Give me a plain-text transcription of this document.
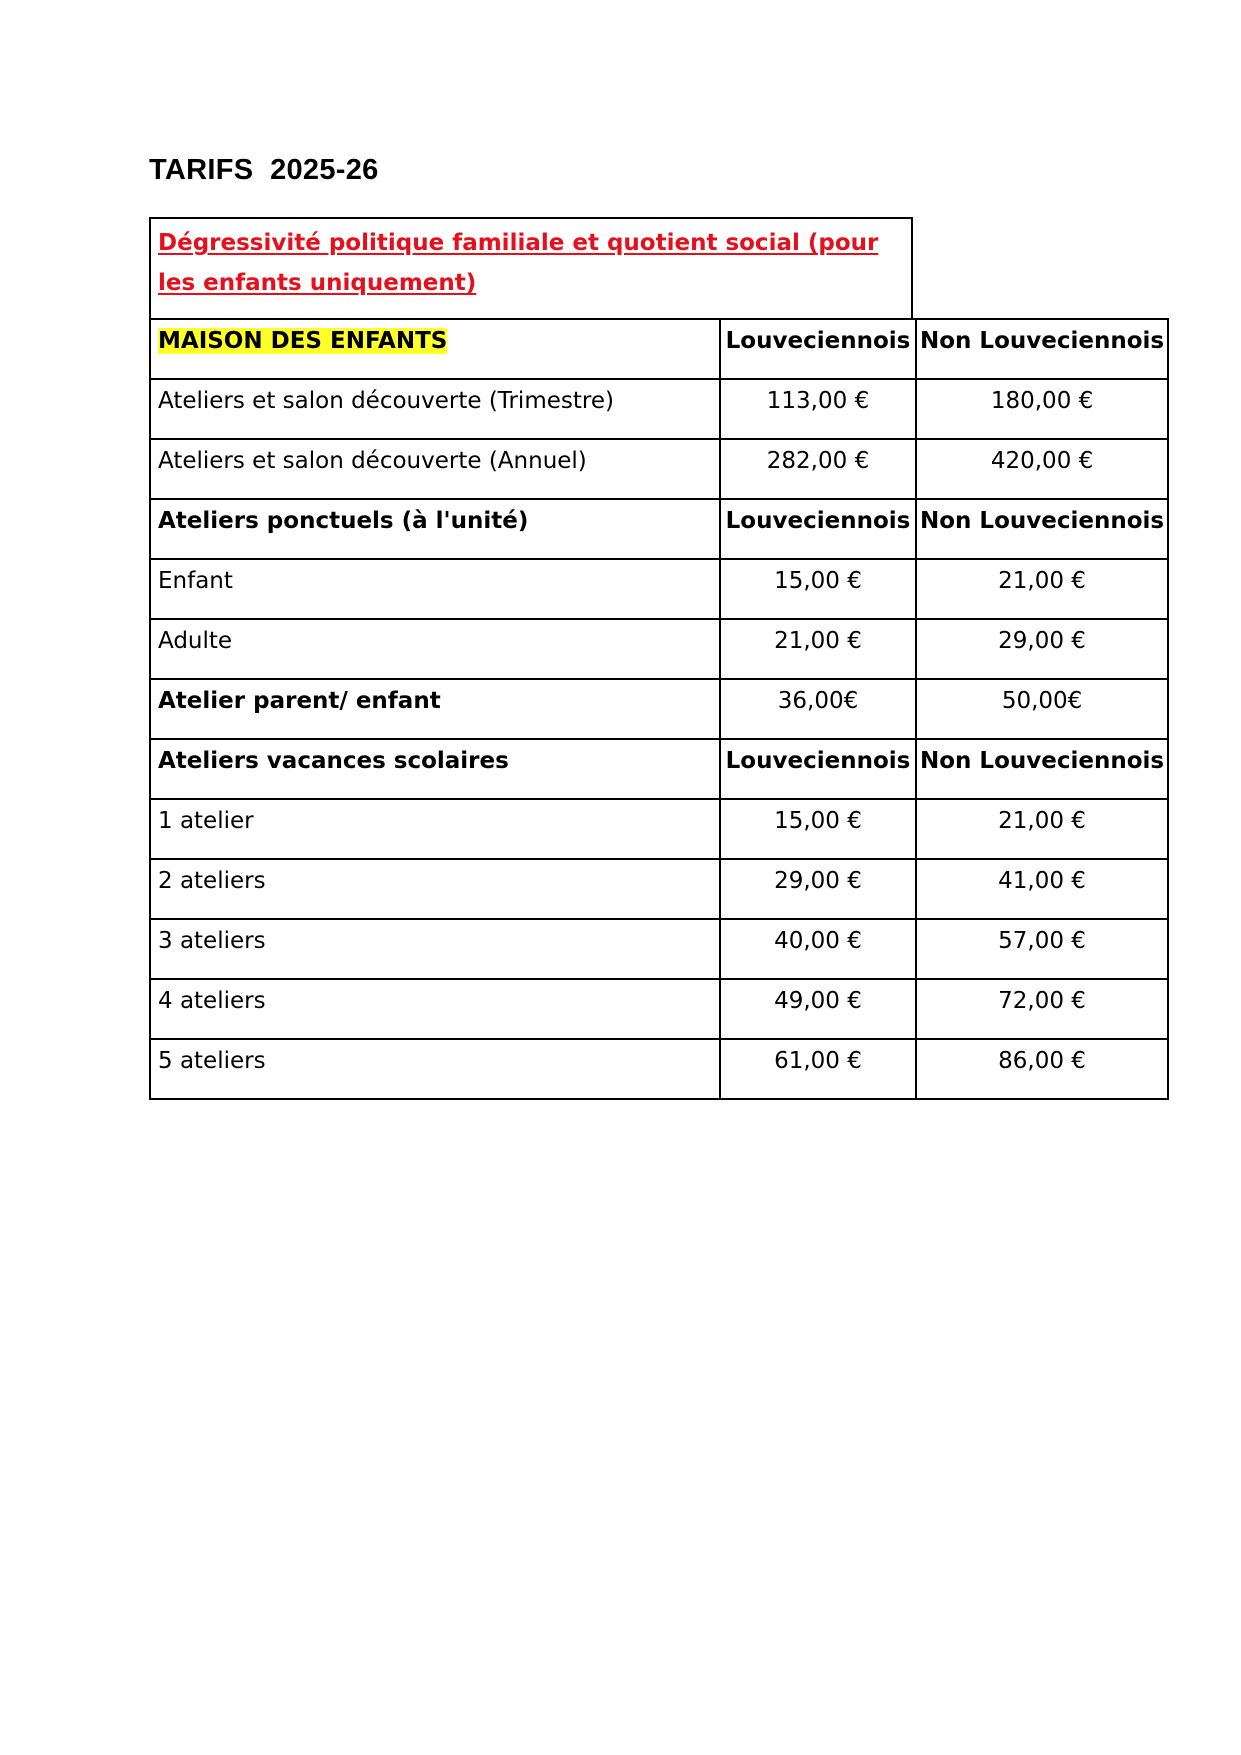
TARIFS  2025-26
Dégressivité politique familiale et quotient social (pour les enfants uniquement)
MAISON DES ENFANTS	Louveciennois	Non Louveciennois
Ateliers et salon découverte (Trimestre)	113,00 €	180,00 €
Ateliers et salon découverte (Annuel)	282,00 €	420,00 €
Ateliers ponctuels (à l'unité)	Louveciennois	Non Louveciennois
Enfant	15,00 €	21,00 €
Adulte	21,00 €	29,00 €
Atelier parent/ enfant	36,00€	50,00€
Ateliers vacances scolaires	Louveciennois	Non Louveciennois
1 atelier	15,00 €	21,00 €
2 ateliers	29,00 €	41,00 €
3 ateliers	40,00 €	57,00 €
4 ateliers	49,00 €	72,00 €
5 ateliers	61,00 €	86,00 €
